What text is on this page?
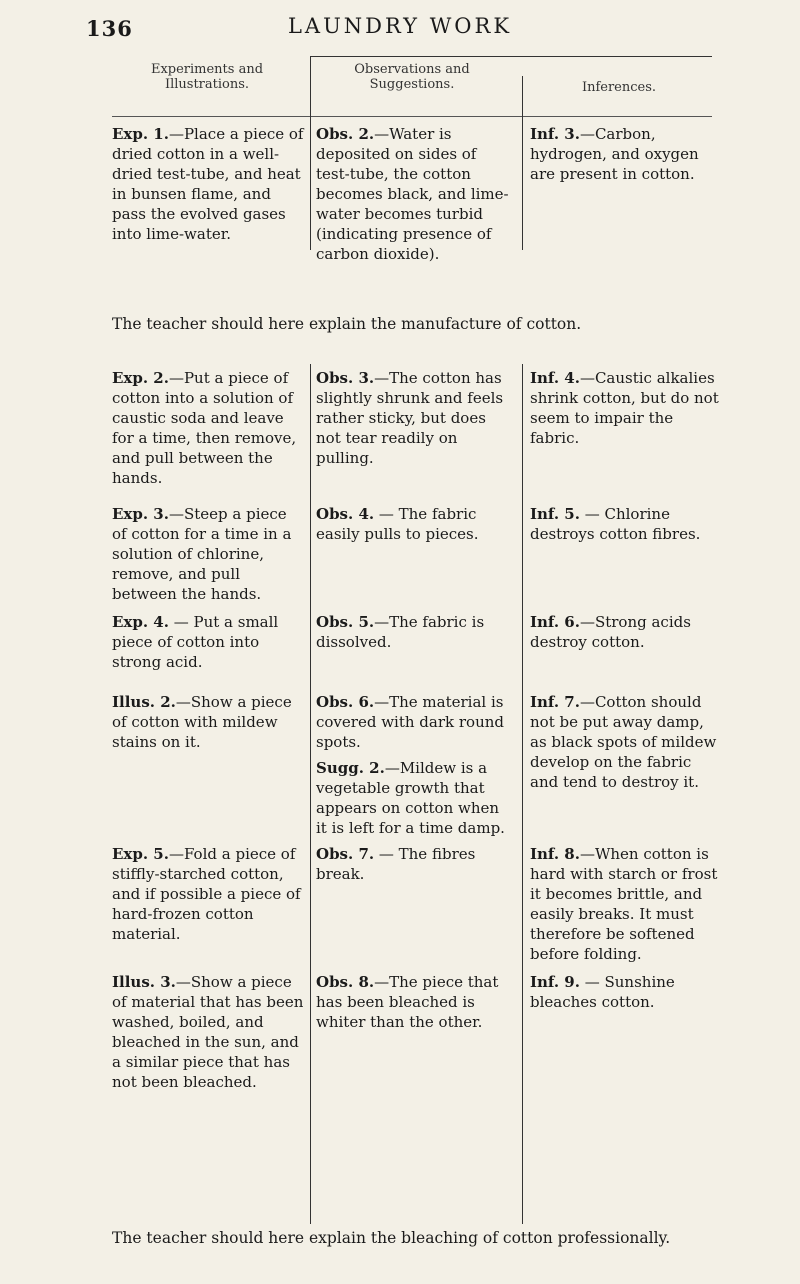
136	LAUNDRY WORK
Experiments and Illustrations.
Observations and Suggestions.	Inferences.
Exp. 1.—Place a piece of dried cotton in a well-dried test-tube, and heat in bunsen flame, and pass the evolved gases into lime-water.
Obs. 2.—Water is deposited on sides of test-tube, the cotton becomes black, and lime-water becomes turbid (indicating presence of carbon dioxide).
Inf. 3.—Carbon, hydrogen, and oxygen are present in cotton.
The teacher should here explain the manufacture of cotton.
Exp. 2.—Put a piece of cotton into a solution of caustic soda and leave for a time, then remove, and pull between the hands.
Obs. 3.—The cotton has slightly shrunk and feels rather sticky, but does not tear readily on pulling.
Inf. 4.—Caustic alkalies shrink cotton, but do not seem to impair the fabric.
Exp. 3.—Steep a piece of cotton for a time in a solution of chlorine, remove, and pull between the hands.
Obs. 4. — The fabric easily pulls to pieces.
Inf. 5. — Chlorine destroys cotton fibres.
Exp. 4. — Put a small piece of cotton into strong acid.
Obs. 5.—The fabric is dissolved.
Inf. 6.—Strong acids destroy cotton.
Illus. 2.—Show a piece of cotton with mildew stains on it.
Obs. 6.—The material is covered with dark round spots.
Sugg. 2.—Mildew is a vegetable growth that appears on cotton when it is left for a time damp.
Inf. 7.—Cotton should not be put away damp, as black spots of mildew develop on the fabric and tend to destroy it.
Exp. 5.—Fold a piece of stiffly-starched cotton, and if possible a piece of hard-frozen cotton material.
Obs. 7. — The fibres break.
Inf. 8.—When cotton is hard with starch or frost it becomes brittle, and easily breaks. It must therefore be softened before folding.
Illus. 3.—Show a piece of material that has been washed, boiled, and bleached in the sun, and a similar piece that has not been bleached.
Obs. 8.—The piece that has been bleached is whiter than the other.
Inf. 9. — Sunshine bleaches cotton.
The teacher should here explain the bleaching of cotton professionally.
